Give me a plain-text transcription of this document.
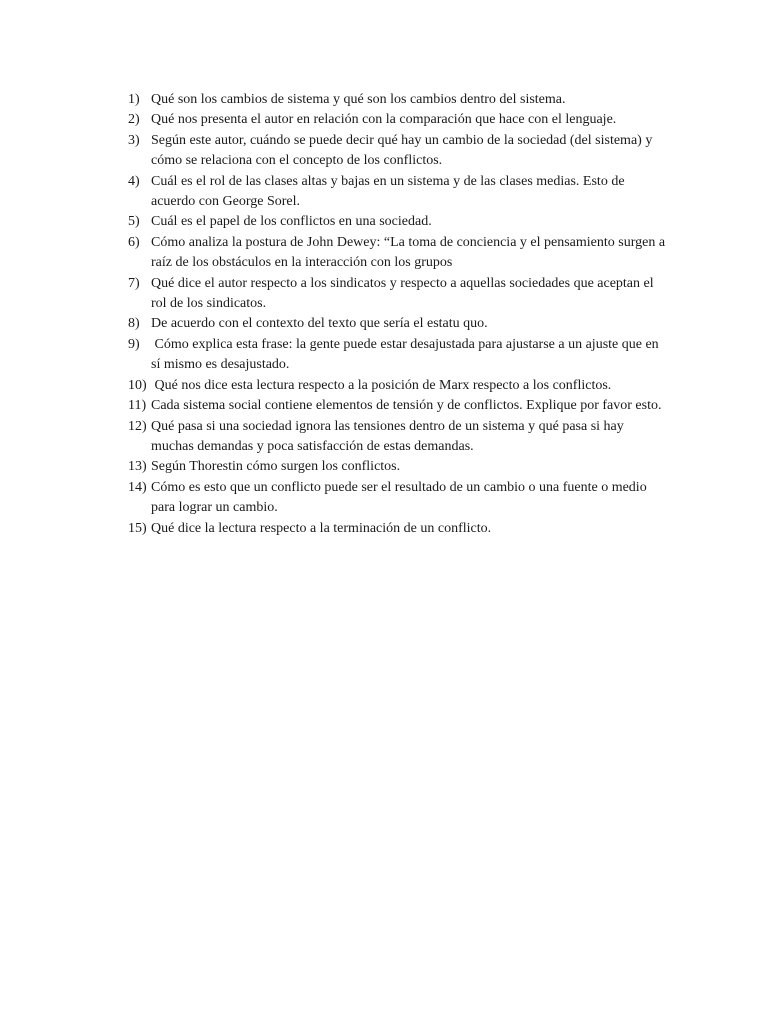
1) Qué son los cambios de sistema y qué son los cambios dentro del sistema.
2) Qué nos presenta el autor en relación con la comparación que hace con el lenguaje.
3) Según este autor, cuándo se puede decir qué hay un cambio de la sociedad (del sistema) y cómo se relaciona con el concepto de los conflictos.
4) Cuál es el rol de las clases altas y bajas en un sistema y de las clases medias. Esto de acuerdo con George Sorel.
5) Cuál es el papel de los conflictos en una sociedad.
6) Cómo analiza la postura de John Dewey: “La toma de conciencia y el pensamiento surgen a raíz de los obstáculos en la interacción con los grupos
7) Qué dice el autor respecto a los sindicatos y respecto a aquellas sociedades que aceptan el rol de los sindicatos.
8) De acuerdo con el contexto del texto que sería el estatu quo.
9) Cómo explica esta frase: la gente puede estar desajustada para ajustarse a un ajuste que en sí mismo es desajustado.
10) Qué nos dice esta lectura respecto a la posición de Marx respecto a los conflictos.
11) Cada sistema social contiene elementos de tensión y de conflictos. Explique por favor esto.
12) Qué pasa si una sociedad ignora las tensiones dentro de un sistema y qué pasa si hay muchas demandas y poca satisfacción de estas demandas.
13) Según Thorestin cómo surgen los conflictos.
14) Cómo es esto que un conflicto puede ser el resultado de un cambio o una fuente o medio para lograr un cambio.
15) Qué dice la lectura respecto a la terminación de un conflicto.
